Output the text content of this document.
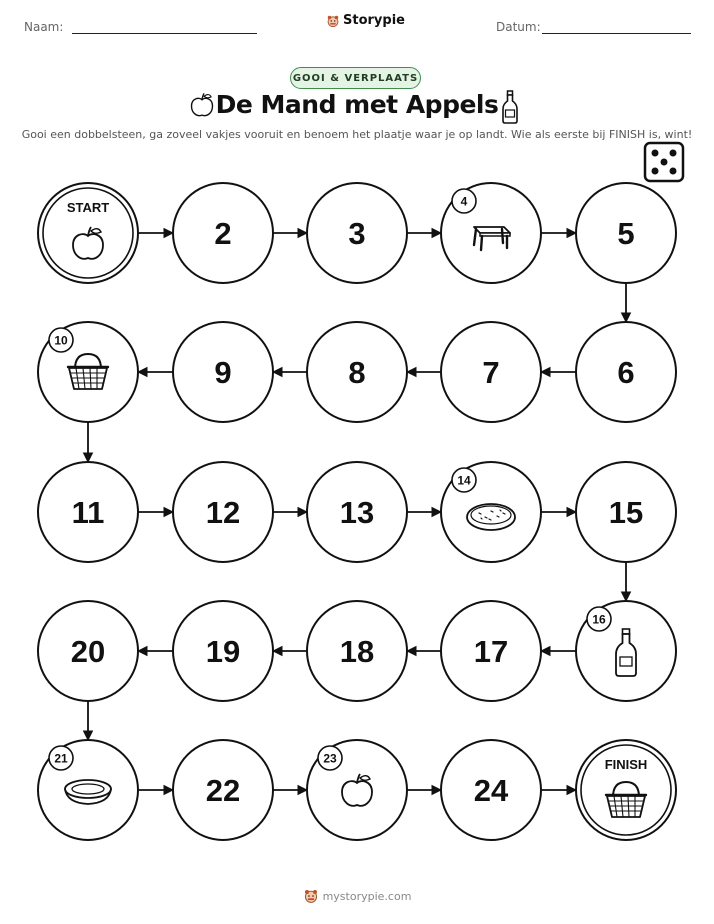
Naam:	Storypie	Datum:
GOOI & VERPLAATS
De Mand met Appels
Gooi een dobbelsteen, ga zoveel vakjes vooruit en benoem het plaatje waar je op landt. Wie als eerste bij FINISH is, wint!
START
2	3
4
5
10
9	8	7	6
11	12	13
14
15
20	19	18	17
16
21
22
23
24
FINISH
mystorypie.com
